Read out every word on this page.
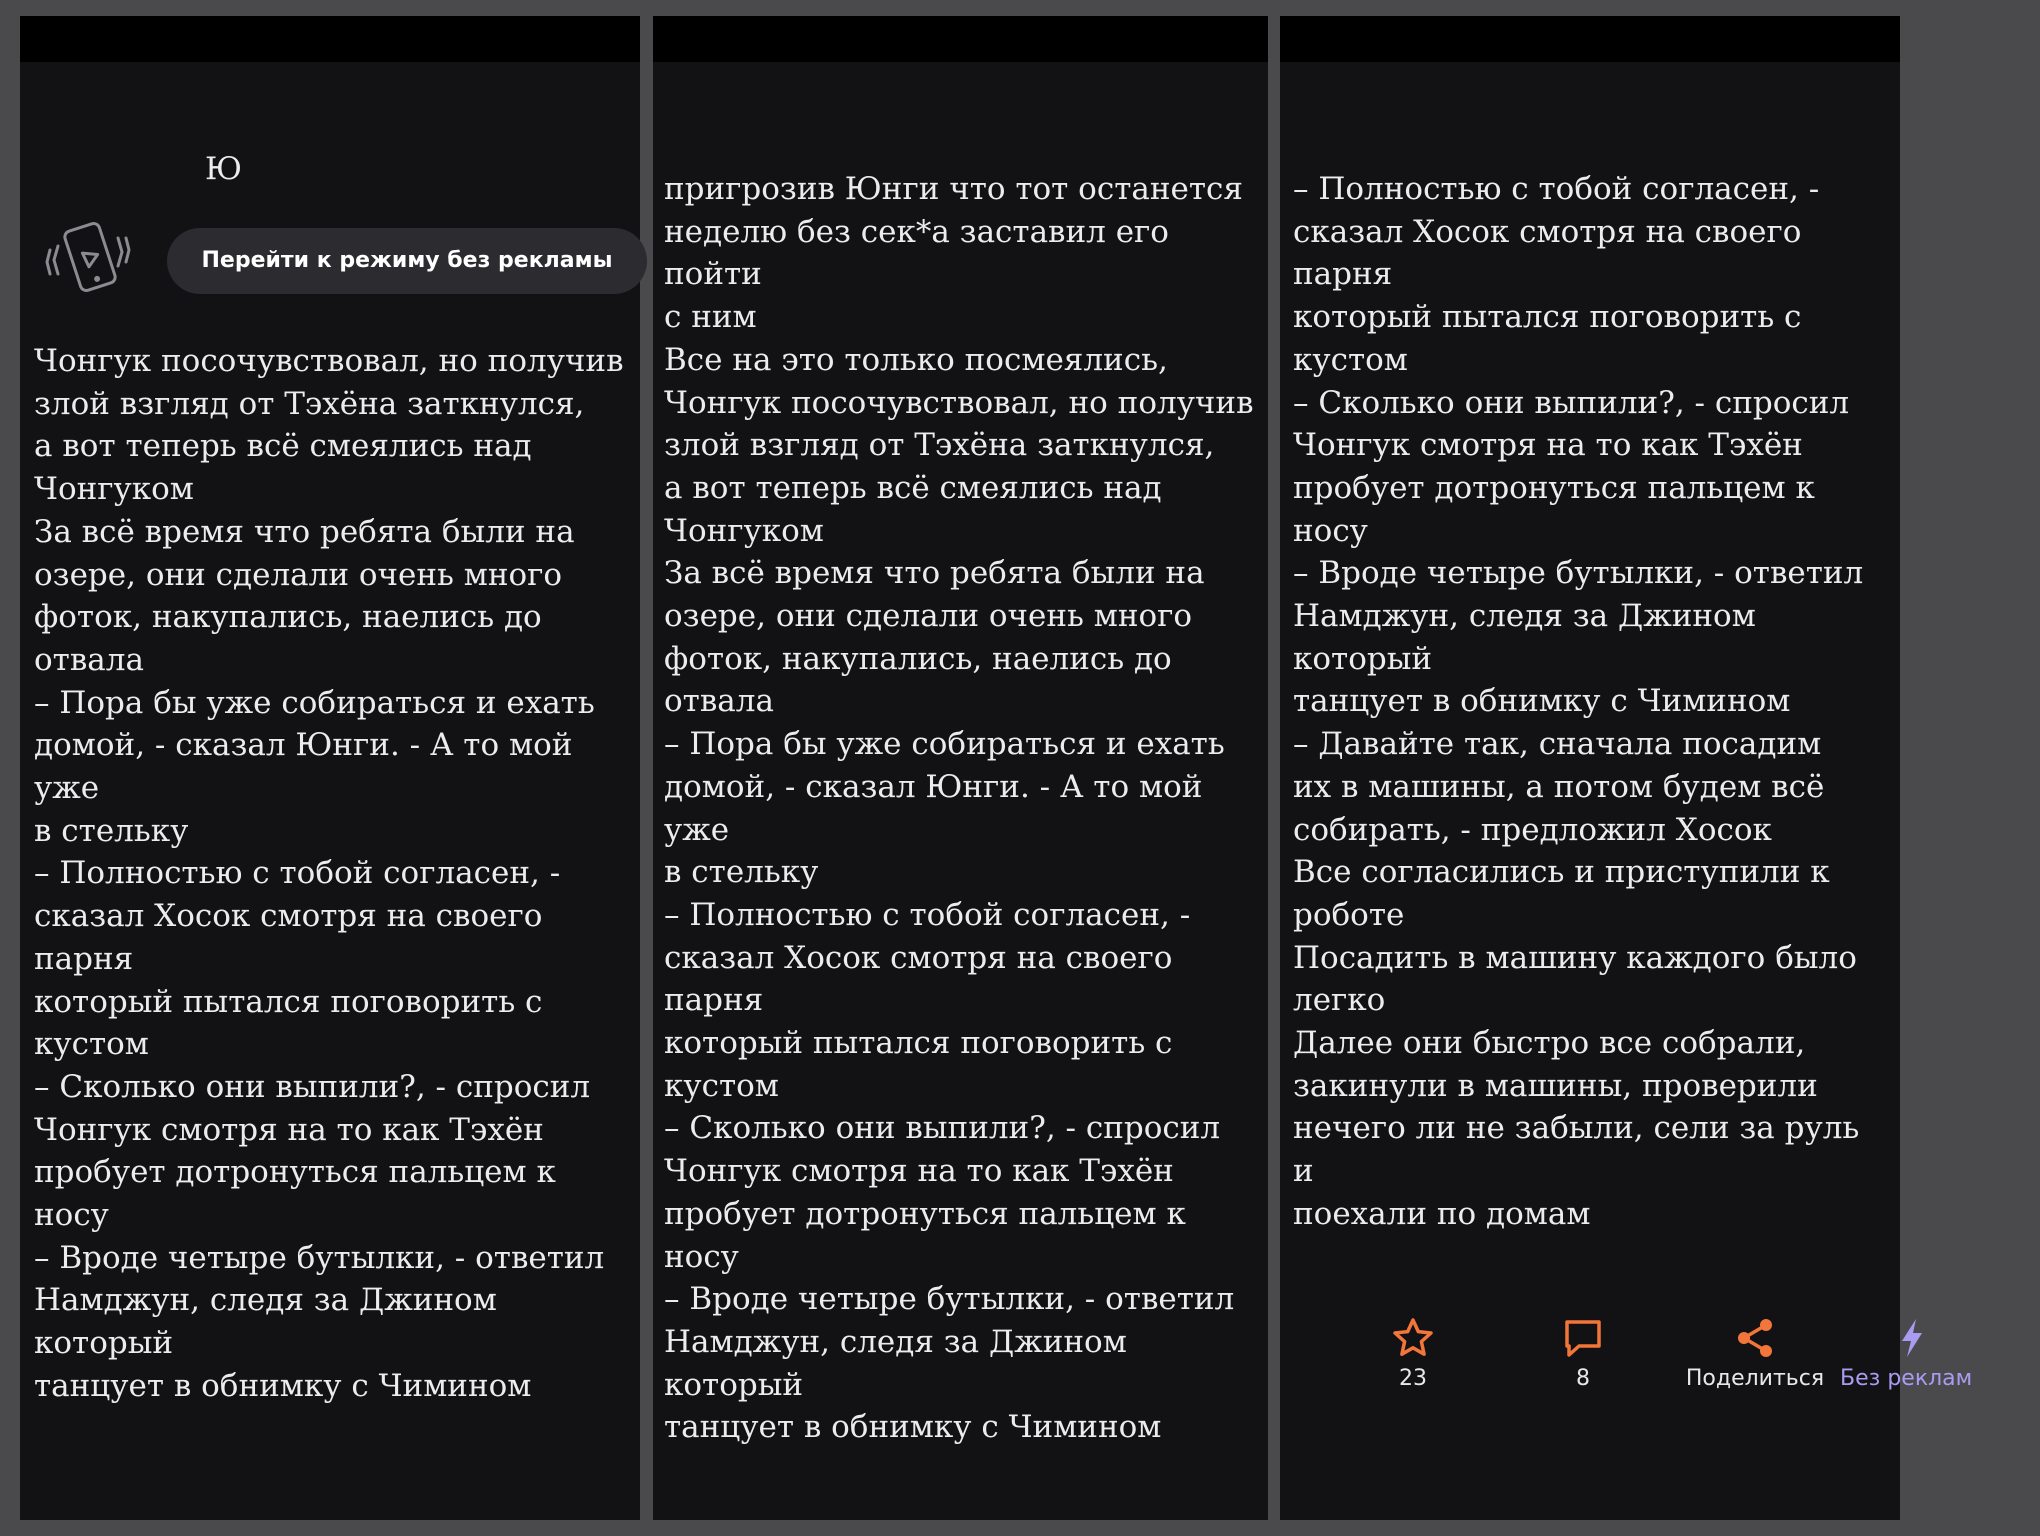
Ю
Перейти к режиму без рекламы

Чонгук посочувствовал, но получив
злой взгляд от Тэхёна заткнулся,
а вот теперь всё смеялись над
Чонгуком
За всё время что ребята были на
озере, они сделали очень много
фоток, накупались, наелись до
отвала
– Пора бы уже собираться и ехать
домой, - сказал Юнги. - А то мой уже
в стельку
– Полностью с тобой согласен, -
сказал Хосок смотря на своего парня
который пытался поговорить с
кустом
– Сколько они выпили?, - спросил
Чонгук смотря на то как Тэхён
пробует дотронуться пальцем к
носу
– Вроде четыре бутылки, - ответил
Намджун, следя за Джином который
танцует в обнимку с Чимином

пригрозив Юнги что тот останется
неделю без сек*а заставил его пойти
с ним
Все на это только посмеялись,
Чонгук посочувствовал, но получив
злой взгляд от Тэхёна заткнулся,
а вот теперь всё смеялись над
Чонгуком
За всё время что ребята были на
озере, они сделали очень много
фоток, накупались, наелись до
отвала
– Пора бы уже собираться и ехать
домой, - сказал Юнги. - А то мой уже
в стельку
– Полностью с тобой согласен, -
сказал Хосок смотря на своего парня
который пытался поговорить с
кустом
– Сколько они выпили?, - спросил
Чонгук смотря на то как Тэхён
пробует дотронуться пальцем к
носу
– Вроде четыре бутылки, - ответил
Намджун, следя за Джином который
танцует в обнимку с Чимином

– Полностью с тобой согласен, -
сказал Хосок смотря на своего парня
который пытался поговорить с
кустом
– Сколько они выпили?, - спросил
Чонгук смотря на то как Тэхён
пробует дотронуться пальцем к
носу
– Вроде четыре бутылки, - ответил
Намджун, следя за Джином который
танцует в обнимку с Чимином
– Давайте так, сначала посадим
их в машины, а потом будем всё
собирать, - предложил Хосок
Все согласились и приступили к
роботе
Посадить в машину каждого было
легко
Далее они быстро все собрали,
закинули в машины, проверили
нечего ли не забыли, сели за руль и
поехали по домам

23	8	Поделиться Без реклам
